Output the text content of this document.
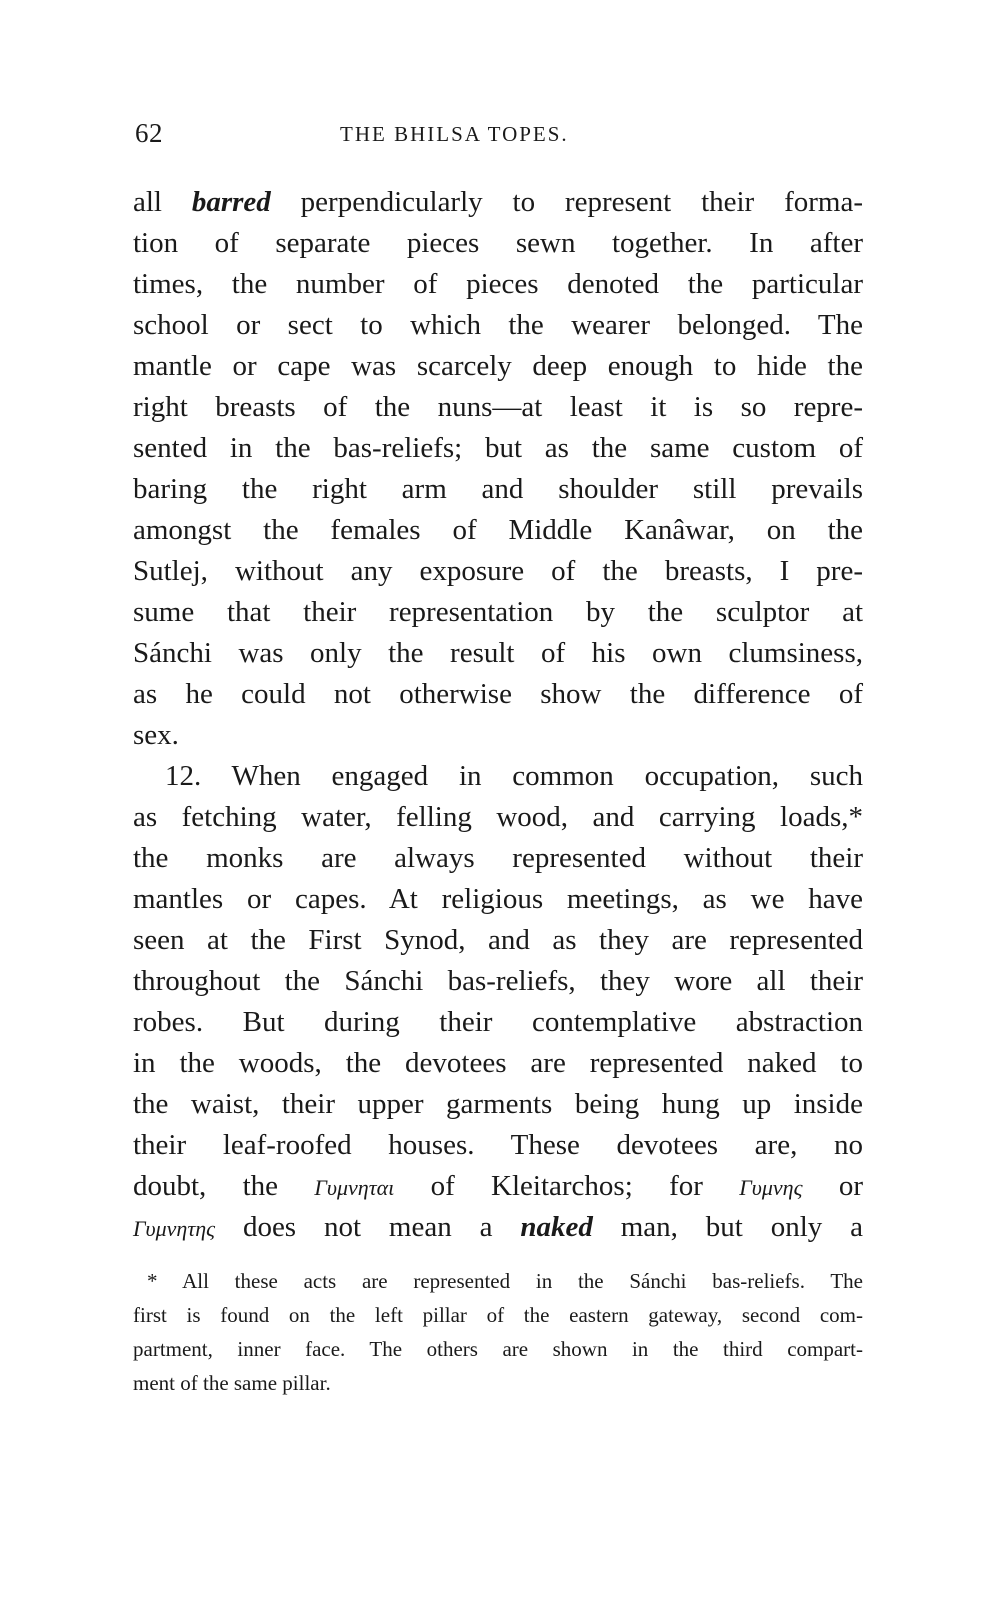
62	THE BHILSA TOPES.
all barred perpendicularly to represent their forma-
tion of separate pieces sewn together. In after
times, the number of pieces denoted the particular
school or sect to which the wearer belonged. The
mantle or cape was scarcely deep enough to hide the
right breasts of the nuns—at least it is so repre-
sented in the bas-reliefs; but as the same custom of
baring the right arm and shoulder still prevails
amongst the females of Middle Kanâwar, on the
Sutlej, without any exposure of the breasts, I pre-
sume that their representation by the sculptor at
Sánchi was only the result of his own clumsiness,
as he could not otherwise show the difference of
sex.
12. When engaged in common occupation, such
as fetching water, felling wood, and carrying loads,*
the monks are always represented without their
mantles or capes. At religious meetings, as we have
seen at the First Synod, and as they are represented
throughout the Sánchi bas-reliefs, they wore all their
robes. But during their contemplative abstraction
in the woods, the devotees are represented naked to
the waist, their upper garments being hung up inside
their leaf-roofed houses. These devotees are, no
doubt, the Γυμνηται of Kleitarchos; for Γυμνης or
Γυμνητης does not mean a naked man, but only a
* All these acts are represented in the Sánchi bas-reliefs. The
first is found on the left pillar of the eastern gateway, second com-
partment, inner face. The others are shown in the third compart-
ment of the same pillar.
